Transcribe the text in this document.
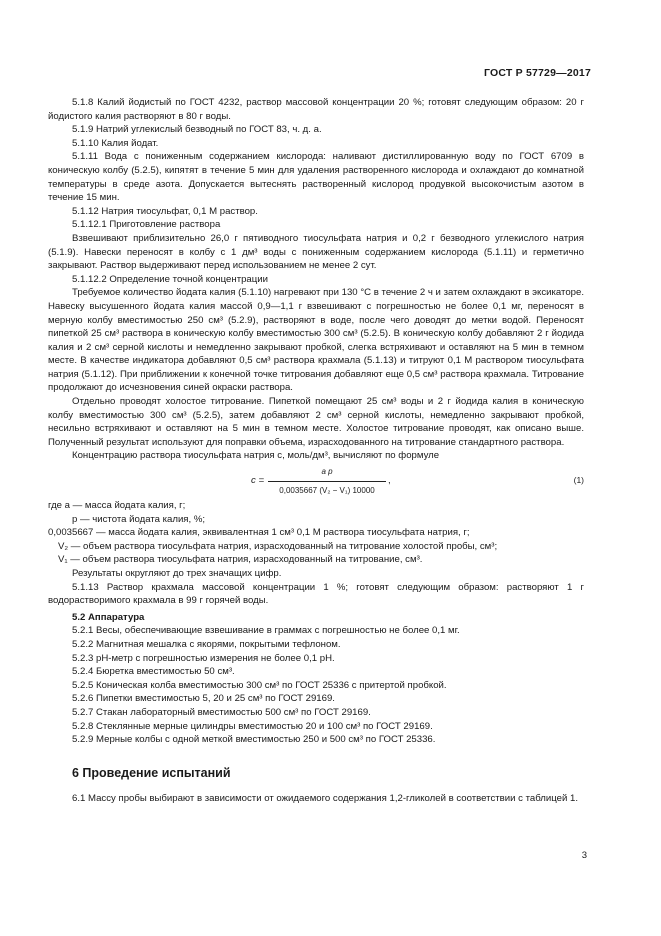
ГОСТ Р 57729—2017

5.1.8 Калий йодистый по ГОСТ 4232, раствор массовой концентрации 20 %; готовят следующим образом: 20 г йодистого калия растворяют в 80 г воды.

5.1.9 Натрий углекислый безводный по ГОСТ 83, ч. д. а.

5.1.10 Калия йодат.

5.1.11 Вода с пониженным содержанием кислорода: наливают дистиллированную воду по ГОСТ 6709 в коническую колбу (5.2.5), кипятят в течение 5 мин для удаления растворенного кислорода и охлаждают до комнатной температуры в среде азота. Допускается вытеснять растворенный кислород продувкой высокочистым азотом в течение 15 мин.

5.1.12 Натрия тиосульфат, 0,1 М раствор.

5.1.12.1 Приготовление раствора

Взвешивают приблизительно 26,0 г пятиводного тиосульфата натрия и 0,2 г безводного углекислого натрия (5.1.9). Навески переносят в колбу с 1 дм³ воды с пониженным содержанием кислорода (5.1.11) и герметично закрывают. Раствор выдерживают перед использованием не менее 2 сут.

5.1.12.2 Определение точной концентрации

Требуемое количество йодата калия (5.1.10) нагревают при 130 °С в течение 2 ч и затем охлаждают в эксикаторе. Навеску высушенного йодата калия массой 0,9—1,1 г взвешивают с погрешностью не более 0,1 мг, переносят в мерную колбу вместимостью 250 см³ (5.2.9), растворяют в воде, после чего доводят до метки водой. Переносят пипеткой 25 см³ раствора в коническую колбу вместимостью 300 см³ (5.2.5). В коническую колбу добавляют 2 г йодида калия и 2 см³ серной кислоты и немедленно закрывают пробкой, слегка встряхивают и оставляют на 5 мин в темном месте. В качестве индикатора добавляют 0,5 см³ раствора крахмала (5.1.13) и титруют 0,1 М раствором тиосульфата натрия (5.1.12). При приближении к конечной точке титрования добавляют еще 0,5 см³ раствора крахмала. Титрование продолжают до исчезновения синей окраски раствора.

Отдельно проводят холостое титрование. Пипеткой помещают 25 см³ воды и 2 г йодида калия в коническую колбу вместимостью 300 см³ (5.2.5), затем добавляют 2 см³ серной кислоты, немедленно закрывают пробкой, несильно встряхивают и оставляют на 5 мин в темном месте. Холостое титрование проводят, как описано выше. Полученный результат используют для поправки объема, израсходованного на титрование стандартного раствора.

Концентрацию раствора тиосульфата натрия c, моль/дм³, вычисляют по формуле

$c = \frac{\text{a p}}{\text{0,0035667 (V₂ − V₁) 10000}}$ ,	(1)

где a — масса йодата калия, г;

p — чистота йодата калия, %;

0,0035667 — масса йодата калия, эквивалентная 1 см³ 0,1 М раствора тиосульфата натрия, г;

V₂ — объем раствора тиосульфата натрия, израсходованный на титрование холостой пробы, см³;

V₁ — объем раствора тиосульфата натрия, израсходованный на титрование, см³.

Результаты округляют до трех значащих цифр.

5.1.13 Раствор крахмала массовой концентрации 1 %; готовят следующим образом: растворяют 1 г водорастворимого крахмала в 99 г горячей воды.

5.2 Аппаратура

5.2.1 Весы, обеспечивающие взвешивание в граммах с погрешностью не более 0,1 мг.

5.2.2 Магнитная мешалка с якорями, покрытыми тефлоном.

5.2.3 pH-метр с погрешностью измерения не более 0,1 pH.

5.2.4 Бюретка вместимостью 50 см³.

5.2.5 Коническая колба вместимостью 300 см³ по ГОСТ 25336 с притертой пробкой.

5.2.6 Пипетки вместимостью 5, 20 и 25 см³ по ГОСТ 29169.

5.2.7 Стакан лабораторный вместимостью 500 см³ по ГОСТ 29169.

5.2.8 Стеклянные мерные цилиндры вместимостью 20 и 100 см³ по ГОСТ 29169.

5.2.9 Мерные колбы с одной меткой вместимостью 250 и 500 см³ по ГОСТ 25336.

6 Проведение испытаний

6.1 Массу пробы выбирают в зависимости от ожидаемого содержания 1,2-гликолей в соответствии с таблицей 1.

3
